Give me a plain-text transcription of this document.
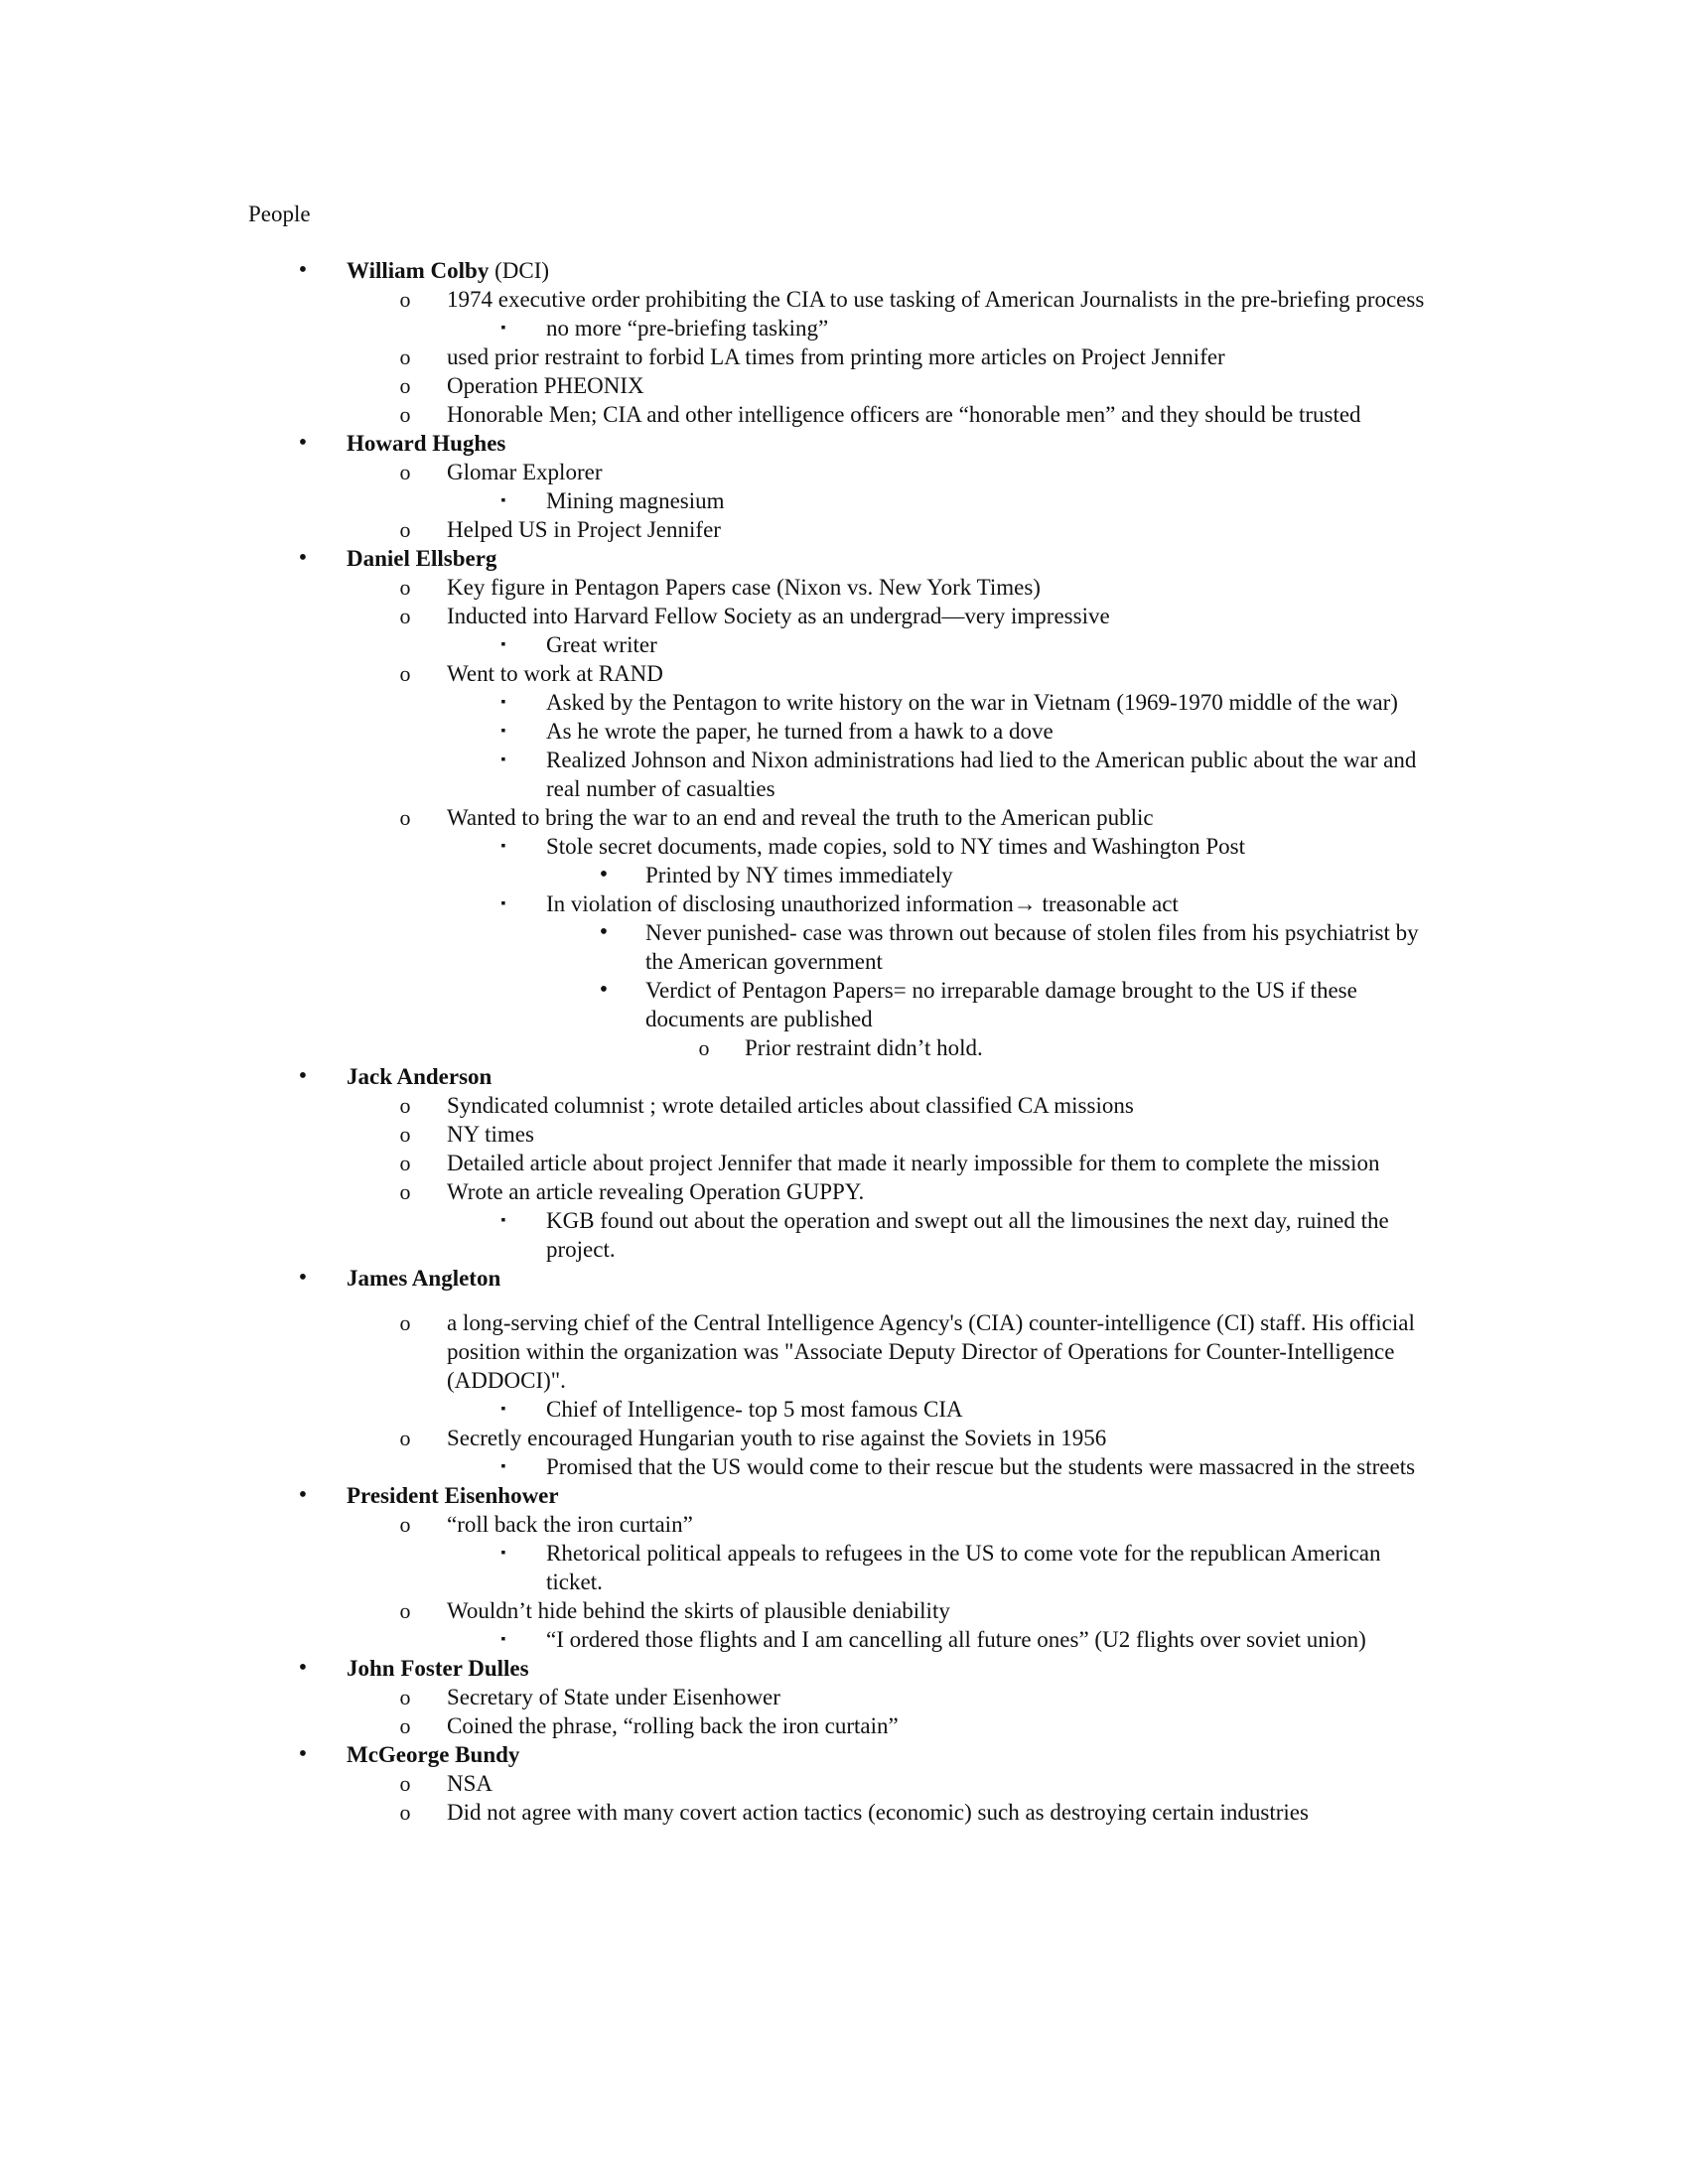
People
•	William Colby (DCI)
o 1974 executive order prohibiting the CIA to use tasking of American Journalists in the pre-briefing process
▪	no more “pre-briefing tasking”
o used prior restraint to forbid LA times from printing more articles on Project Jennifer
o Operation PHEONIX
o Honorable Men; CIA and other intelligence officers are “honorable men” and they should be trusted
•	Howard Hughes
o Glomar Explorer
▪	Mining magnesium
o Helped US in Project Jennifer
•	Daniel Ellsberg
o Key figure in Pentagon Papers case (Nixon vs. New York Times)
o Inducted into Harvard Fellow Society as an undergrad—very impressive
▪	Great writer
o Went to work at RAND
▪	Asked by the Pentagon to write history on the war in Vietnam (1969-1970 middle of the war)
▪	As he wrote the paper, he turned from a hawk to a dove
▪	Realized Johnson and Nixon administrations had lied to the American public about the war and real number of casualties
o Wanted to bring the war to an end and reveal the truth to the American public
▪	Stole secret documents, made copies, sold to NY times and Washington Post
•	Printed by NY times immediately
▪	In violation of disclosing unauthorized information→ treasonable act
•	Never punished- case was thrown out because of stolen files from his psychiatrist by the American government
•	Verdict of Pentagon Papers= no irreparable damage brought to the US if these documents are published
o Prior restraint didn’t hold.
•	Jack Anderson
o Syndicated columnist ; wrote detailed articles about classified CA missions
o NY times
o Detailed article about project Jennifer that made it nearly impossible for them to complete the mission
o Wrote an article revealing Operation GUPPY.
▪	KGB found out about the operation and swept out all the limousines the next day, ruined the project.
•	James Angleton
o a long-serving chief of the Central Intelligence Agency's (CIA) counter-intelligence (CI) staff. His official position within the organization was "Associate Deputy Director of Operations for Counter-Intelligence (ADDOCI)".
▪	Chief of Intelligence- top 5 most famous CIA
o Secretly encouraged Hungarian youth to rise against the Soviets in 1956
▪	Promised that the US would come to their rescue but the students were massacred in the streets
•	President Eisenhower
o “roll back the iron curtain”
▪	Rhetorical political appeals to refugees in the US to come vote for the republican American ticket.
o Wouldn’t hide behind the skirts of plausible deniability
▪	“I ordered those flights and I am cancelling all future ones” (U2 flights over soviet union)
•	John Foster Dulles
o Secretary of State under Eisenhower
o Coined the phrase, “rolling back the iron curtain”
•	McGeorge Bundy
o NSA
o Did not agree with many covert action tactics (economic) such as destroying certain industries
